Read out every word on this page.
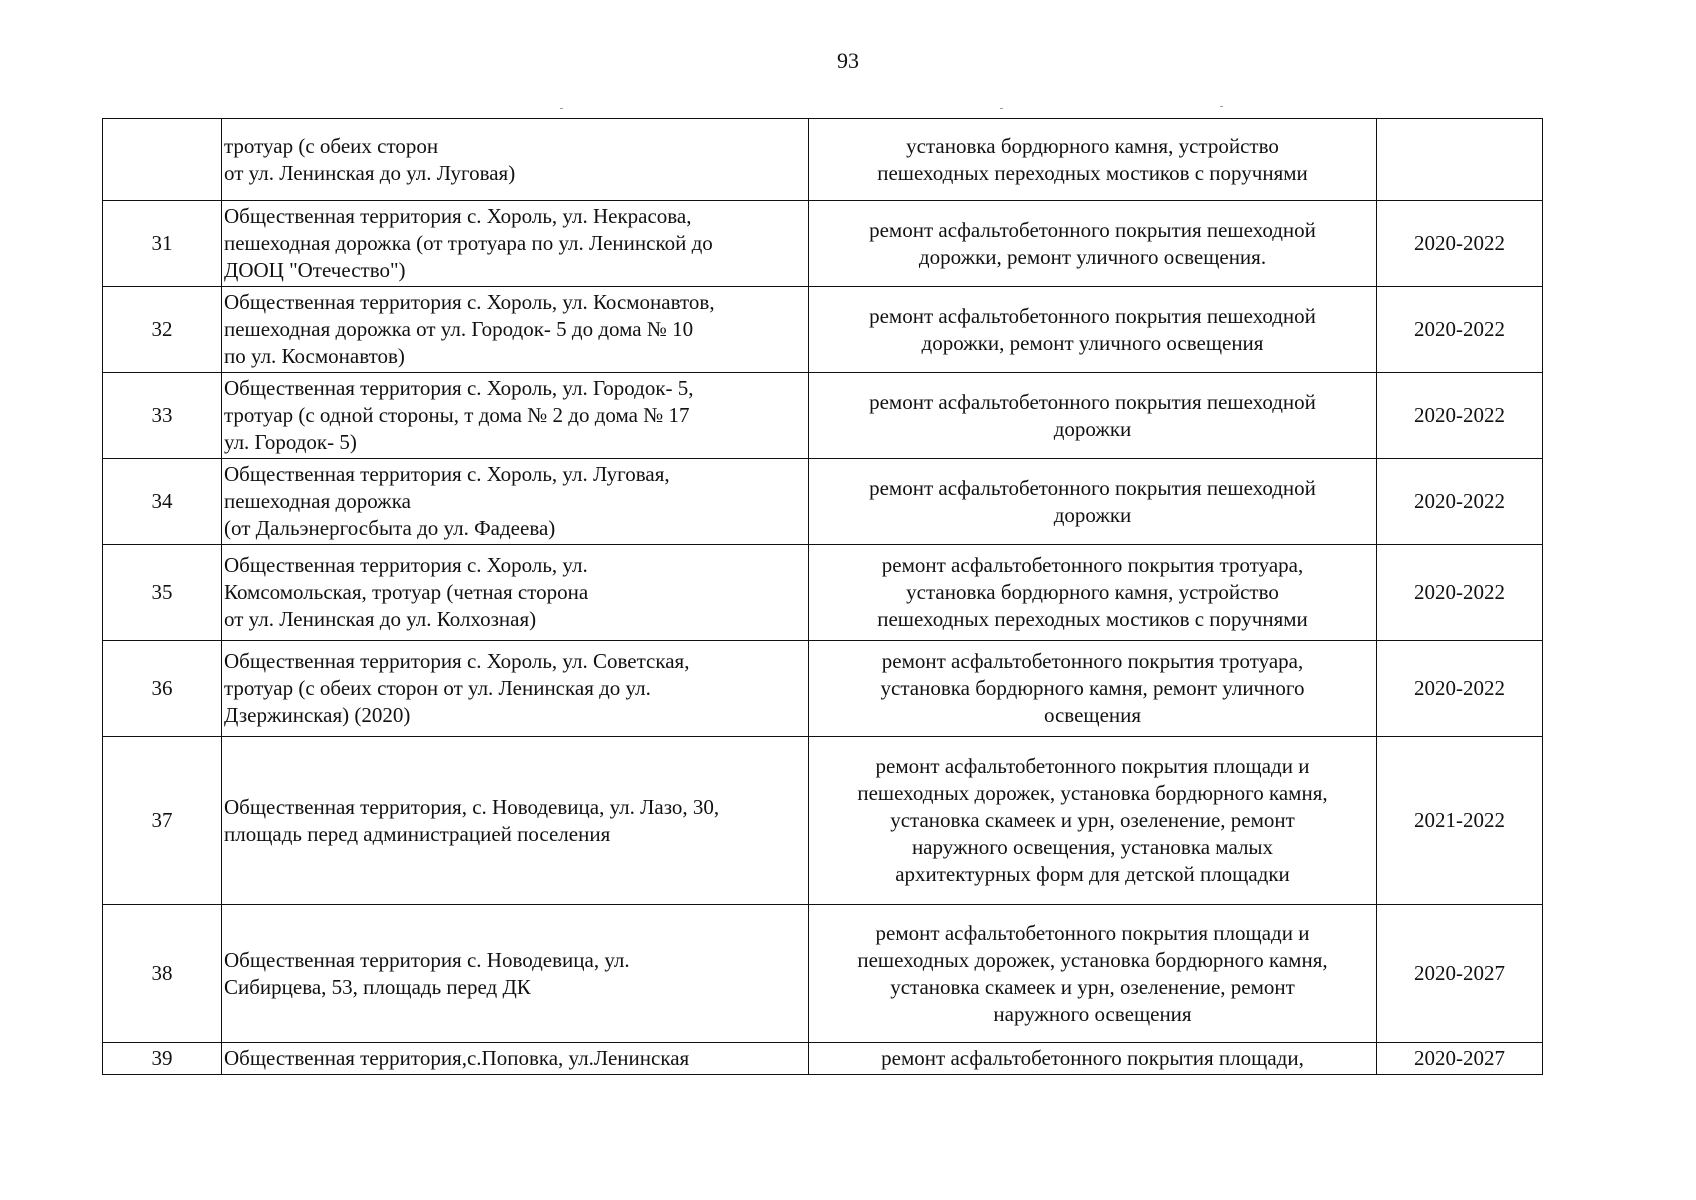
93

	тротуар (с обеих сторон
от ул. Ленинская до ул. Луговая)	установка бордюрного камня, устройство
пешеходных переходных мостиков с поручнями	

31	Общественная территория с. Хороль, ул. Некрасова,
пешеходная дорожка (от тротуара по ул. Ленинской до
ДООЦ "Отечество")	ремонт асфальтобетонного покрытия пешеходной
дорожки, ремонт уличного освещения.	2020-2022
32	Общественная территория с. Хороль, ул. Космонавтов,
пешеходная дорожка от ул. Городок- 5 до дома № 10
по ул. Космонавтов)	ремонт асфальтобетонного покрытия пешеходной
дорожки, ремонт уличного освещения	2020-2022
33	Общественная территория с. Хороль, ул. Городок- 5,
тротуар (с одной стороны, т дома № 2 до дома № 17
ул. Городок- 5)	ремонт асфальтобетонного покрытия пешеходной
дорожки	2020-2022
34	Общественная территория с. Хороль, ул. Луговая,
пешеходная дорожка
(от Дальэнергосбыта до ул. Фадеева)	ремонт асфальтобетонного покрытия пешеходной
дорожки	2020-2022
35	Общественная территория с. Хороль, ул.
Комсомольская, тротуар (четная сторона
от ул. Ленинская до ул. Колхозная)	ремонт асфальтобетонного покрытия тротуара,
установка бордюрного камня, устройство
пешеходных переходных мостиков с поручнями	2020-2022
36	Общественная территория с. Хороль, ул. Советская,
тротуар (с обеих сторон от ул. Ленинская до ул.
Дзержинская) (2020)	ремонт асфальтобетонного покрытия тротуара,
установка бордюрного камня, ремонт уличного
освещения	2020-2022
37	Общественная территория, с. Новодевица, ул. Лазо, 30,
площадь перед администрацией поселения	ремонт асфальтобетонного покрытия площади и
пешеходных дорожек, установка бордюрного камня,
установка скамеек и урн, озеленение, ремонт
наружного освещения, установка малых
архитектурных форм для детской площадки	2021-2022
38	Общественная территория с. Новодевица, ул.
Сибирцева, 53, площадь перед ДК	ремонт асфальтобетонного покрытия площади и
пешеходных дорожек, установка бордюрного камня,
установка скамеек и урн, озеленение, ремонт
наружного освещения	2020-2027
39	Общественная территория,с.Поповка, ул.Ленинская	ремонт асфальтобетонного покрытия площади,	2020-2027
